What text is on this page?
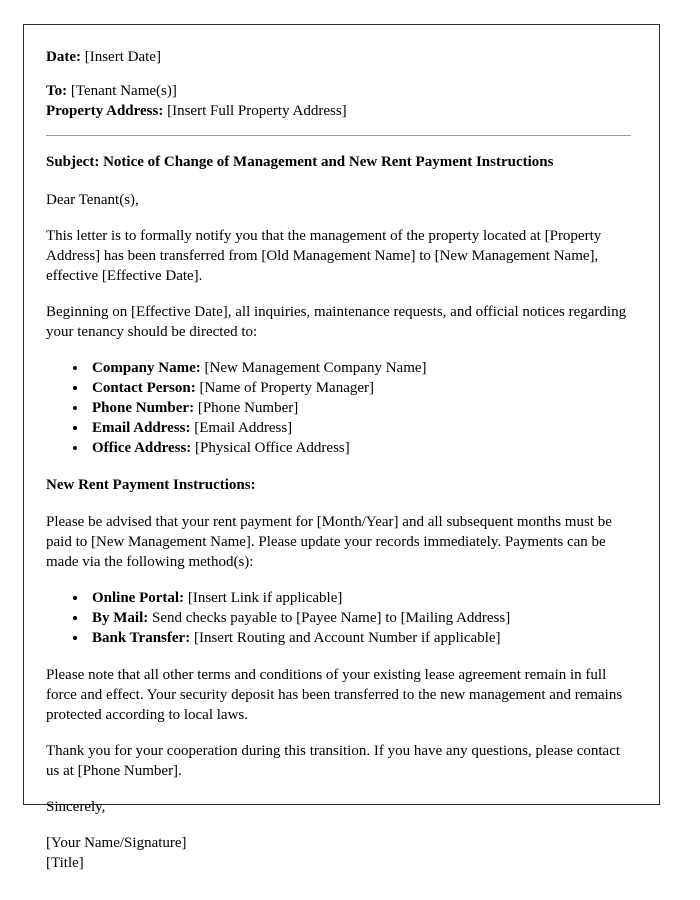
Date: [Insert Date]
To: [Tenant Name(s)]
Property Address: [Insert Full Property Address]
Subject: Notice of Change of Management and New Rent Payment Instructions
Dear Tenant(s),
This letter is to formally notify you that the management of the property located at [Property Address] has been transferred from [Old Management Name] to [New Management Name], effective [Effective Date].
Beginning on [Effective Date], all inquiries, maintenance requests, and official notices regarding your tenancy should be directed to:
• Company Name: [New Management Company Name]
• Contact Person: [Name of Property Manager]
• Phone Number: [Phone Number]
• Email Address: [Email Address]
• Office Address: [Physical Office Address]
New Rent Payment Instructions:
Please be advised that your rent payment for [Month/Year] and all subsequent months must be paid to [New Management Name]. Please update your records immediately. Payments can be made via the following method(s):
• Online Portal: [Insert Link if applicable]
• By Mail: Send checks payable to [Payee Name] to [Mailing Address]
• Bank Transfer: [Insert Routing and Account Number if applicable]
Please note that all other terms and conditions of your existing lease agreement remain in full force and effect. Your security deposit has been transferred to the new management and remains protected according to local laws.
Thank you for your cooperation during this transition. If you have any questions, please contact us at [Phone Number].
Sincerely,
[Your Name/Signature]
[Title]
